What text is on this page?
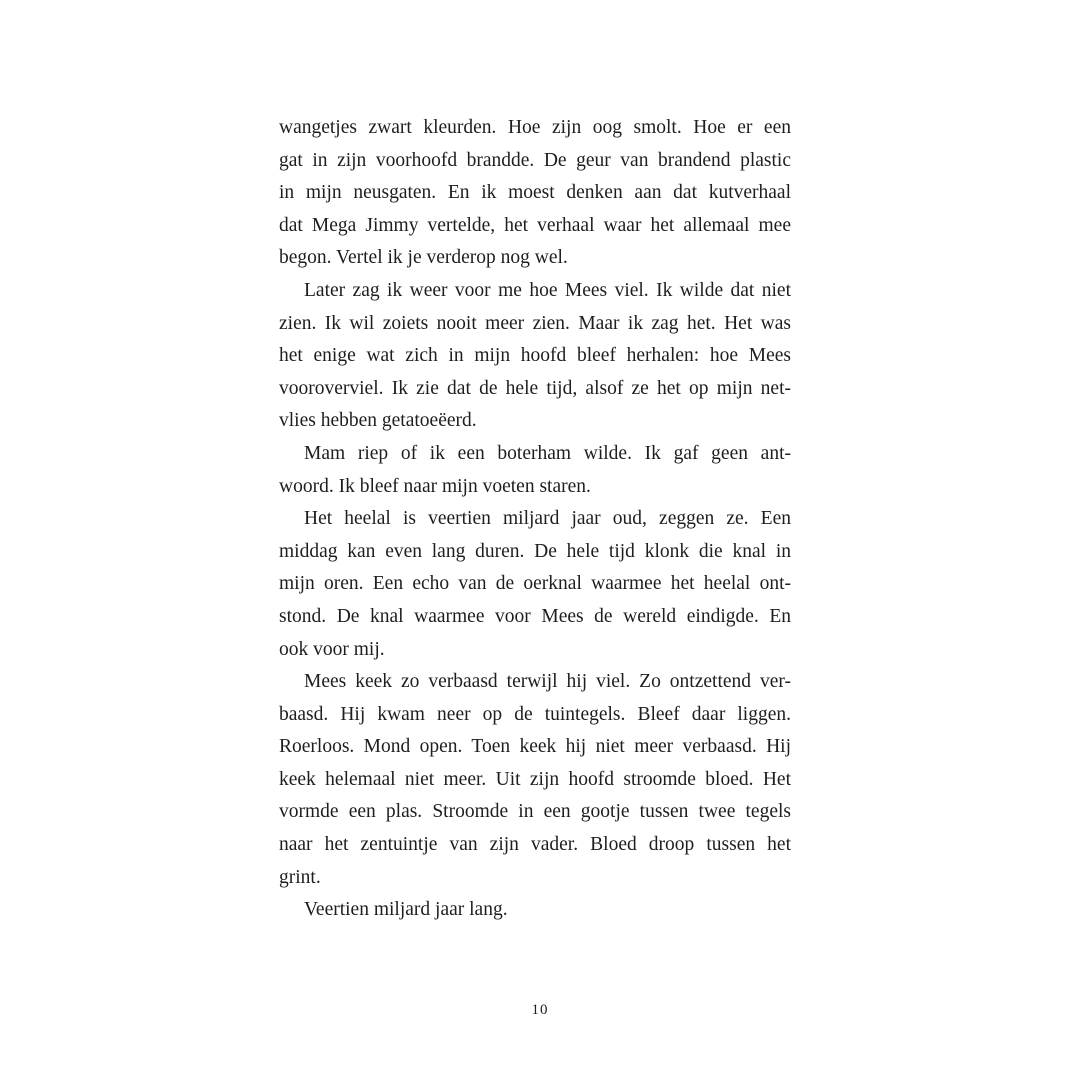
wangetjes zwart kleurden. Hoe zijn oog smolt. Hoe er een
gat in zijn voorhoofd brandde. De geur van brandend plastic
in mijn neusgaten. En ik moest denken aan dat kutverhaal
dat Mega Jimmy vertelde, het verhaal waar het allemaal mee
begon. Vertel ik je verderop nog wel.
Later zag ik weer voor me hoe Mees viel. Ik wilde dat niet
zien. Ik wil zoiets nooit meer zien. Maar ik zag het. Het was
het enige wat zich in mijn hoofd bleef herhalen: hoe Mees
vooroverviel. Ik zie dat de hele tijd, alsof ze het op mijn net-
vlies hebben getatoeëerd.
Mam riep of ik een boterham wilde. Ik gaf geen ant-
woord. Ik bleef naar mijn voeten staren.
Het heelal is veertien miljard jaar oud, zeggen ze. Een
middag kan even lang duren. De hele tijd klonk die knal in
mijn oren. Een echo van de oerknal waarmee het heelal ont-
stond. De knal waarmee voor Mees de wereld eindigde. En
ook voor mij.
Mees keek zo verbaasd terwijl hij viel. Zo ontzettend ver-
baasd. Hij kwam neer op de tuintegels. Bleef daar liggen.
Roerloos. Mond open. Toen keek hij niet meer verbaasd. Hij
keek helemaal niet meer. Uit zijn hoofd stroomde bloed. Het
vormde een plas. Stroomde in een gootje tussen twee tegels
naar het zentuintje van zijn vader. Bloed droop tussen het
grint.
Veertien miljard jaar lang.
10
